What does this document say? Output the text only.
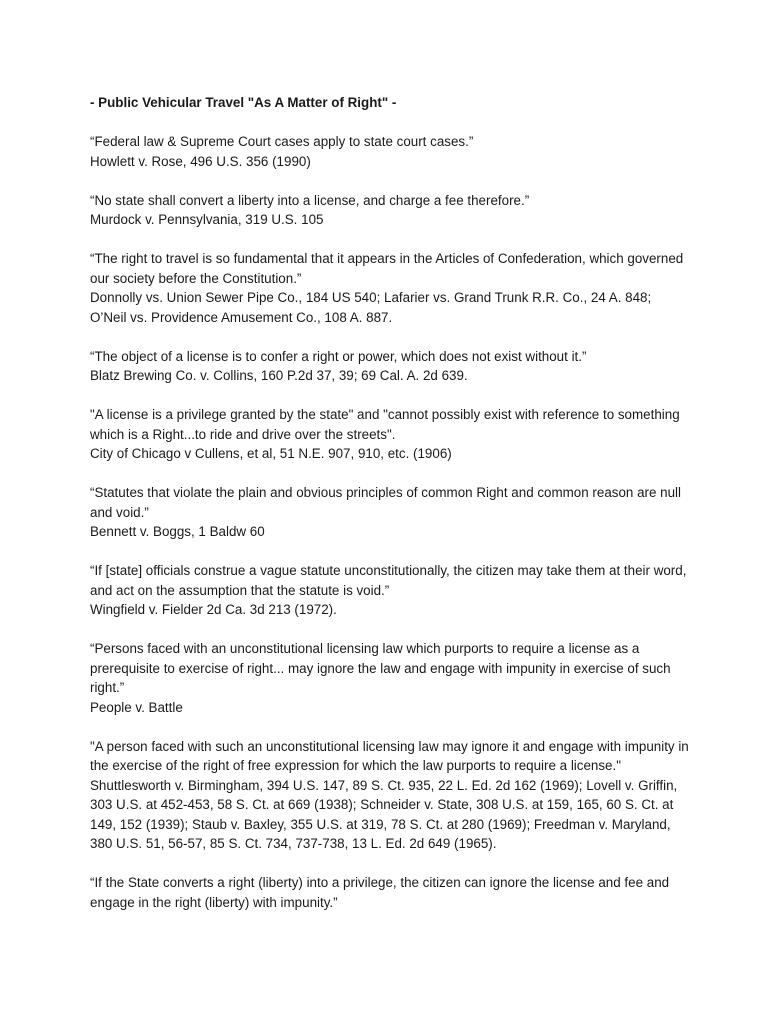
- Public Vehicular Travel "As A Matter of Right" -
“Federal law & Supreme Court cases apply to state court cases.”
Howlett v. Rose, 496 U.S. 356 (1990)
“No state shall convert a liberty into a license, and charge a fee therefore.”
Murdock v. Pennsylvania, 319 U.S. 105
“The right to travel is so fundamental that it appears in the Articles of Confederation, which governed our society before the Constitution.”
Donnolly vs. Union Sewer Pipe Co., 184 US 540; Lafarier vs. Grand Trunk R.R. Co., 24 A. 848; O’Neil vs. Providence Amusement Co., 108 A. 887.
“The object of a license is to confer a right or power, which does not exist without it.”
Blatz Brewing Co. v. Collins, 160 P.2d 37, 39; 69 Cal. A. 2d 639.
"A license is a privilege granted by the state" and "cannot possibly exist with reference to something which is a Right...to ride and drive over the streets".
City of Chicago v Cullens, et al, 51 N.E. 907, 910, etc. (1906)
“Statutes that violate the plain and obvious principles of common Right and common reason are null and void.”
Bennett v. Boggs, 1 Baldw 60
“If [state] officials construe a vague statute unconstitutionally, the citizen may take them at their word, and act on the assumption that the statute is void.”
Wingfield v. Fielder 2d Ca. 3d 213 (1972).
“Persons faced with an unconstitutional licensing law which purports to require a license as a prerequisite to exercise of right... may ignore the law and engage with impunity in exercise of such right.”
People v. Battle
"A person faced with such an unconstitutional licensing law may ignore it and engage with impunity in the exercise of the right of free expression for which the law purports to require a license."
Shuttlesworth v. Birmingham, 394 U.S. 147, 89 S. Ct. 935, 22 L. Ed. 2d 162 (1969); Lovell v. Griffin, 303 U.S. at 452-453, 58 S. Ct. at 669 (1938); Schneider v. State, 308 U.S. at 159, 165, 60 S. Ct. at 149, 152 (1939); Staub v. Baxley, 355 U.S. at 319, 78 S. Ct. at 280 (1969); Freedman v. Maryland, 380 U.S. 51, 56-57, 85 S. Ct. 734, 737-738, 13 L. Ed. 2d 649 (1965).
“If the State converts a right (liberty) into a privilege, the citizen can ignore the license and fee and engage in the right (liberty) with impunity.”
